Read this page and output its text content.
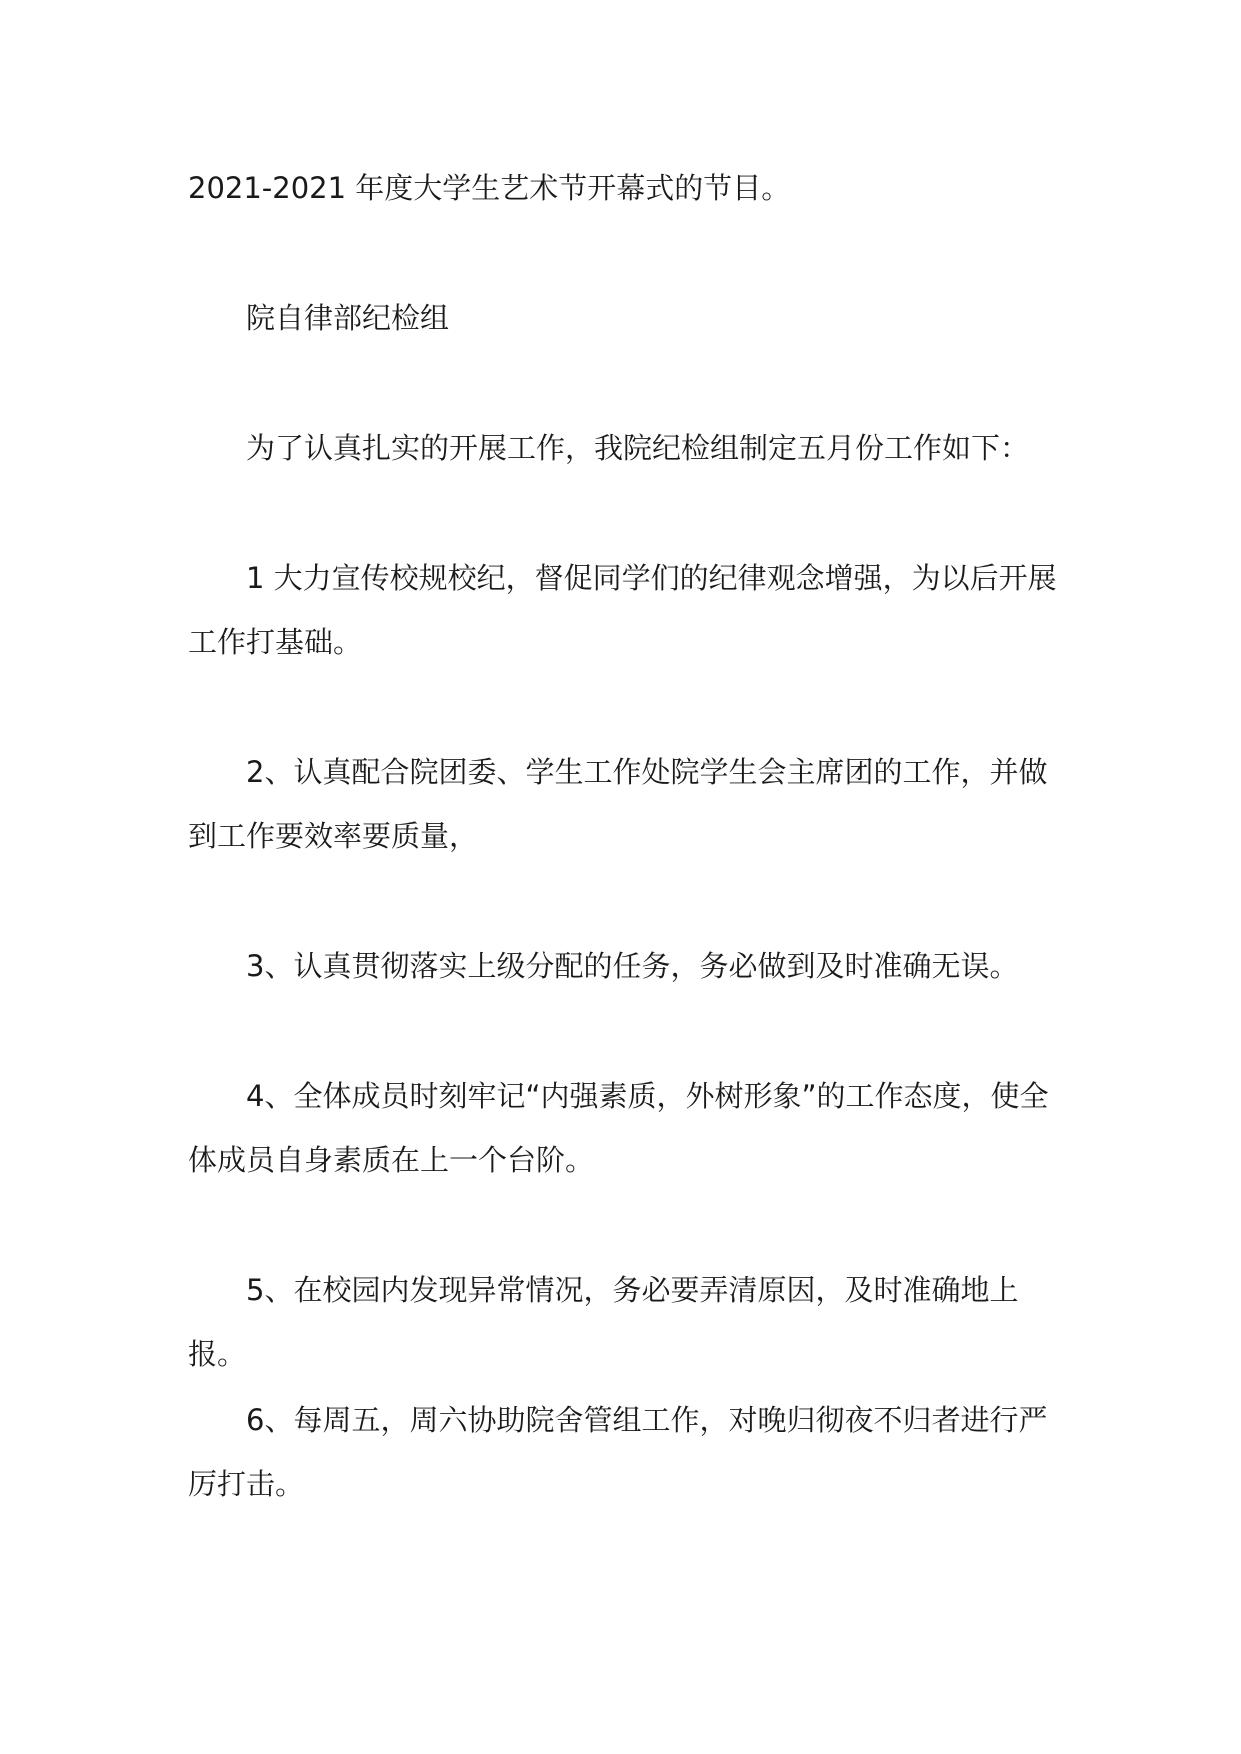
2021-2021 年度大学生艺术节开幕式的节目。

院自律部纪检组

为了认真扎实的开展工作，我院纪检组制定五月份工作如下：

1 大力宣传校规校纪，督促同学们的纪律观念增强，为以后开展工作打基础。

2、认真配合院团委、学生工作处院学生会主席团的工作，并做到工作要效率要质量，

3、认真贯彻落实上级分配的任务，务必做到及时准确无误。

4、全体成员时刻牢记“内强素质，外树形象”的工作态度，使全体成员自身素质在上一个台阶。

5、在校园内发现异常情况，务必要弄清原因，及时准确地上报。

6、每周五，周六协助院舍管组工作，对晚归彻夜不归者进行严厉打击。
